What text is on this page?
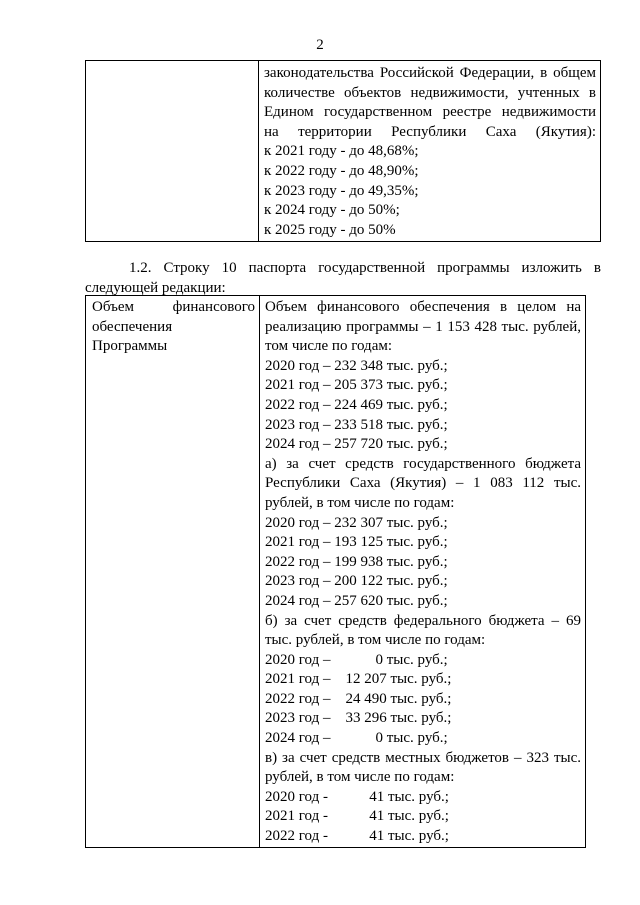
2

законодательства Российской Федерации, в общем
количестве объектов недвижимости, учтенных в
Едином государственном реестре недвижимости
на территории Республики Саха (Якутия):
к 2021 году - до 48,68%;
к 2022 году - до 48,90%;
к 2023 году - до 49,35%;
к 2024 году - до 50%;
к 2025 году - до 50%
1.2. Строку 10 паспорта государственной программы изложить в
следующей редакции:
Объем финансового
обеспечения
Программы

Объем финансового обеспечения в целом на
реализацию программы – 1 153 428 тыс. рублей,
том числе по годам:
2020 год – 232 348 тыс. руб.;
2021 год – 205 373 тыс. руб.;
2022 год – 224 469 тыс. руб.;
2023 год – 233 518 тыс. руб.;
2024 год – 257 720 тыс. руб.;
а) за счет средств государственного бюджета
Республики Саха (Якутия) – 1 083 112 тыс.
рублей, в том числе по годам:
2020 год – 232 307 тыс. руб.;
2021 год – 193 125 тыс. руб.;
2022 год – 199 938 тыс. руб.;
2023 год – 200 122 тыс. руб.;
2024 год – 257 620 тыс. руб.;
б) за счет средств федерального бюджета – 69
тыс. рублей, в том числе по годам:
2020 год –            0 тыс. руб.;
2021 год –    12 207 тыс. руб.;
2022 год –    24 490 тыс. руб.;
2023 год –    33 296 тыс. руб.;
2024 год –            0 тыс. руб.;
в) за счет средств местных бюджетов – 323 тыс.
рублей, в том числе по годам:
2020 год -           41 тыс. руб.;
2021 год -           41 тыс. руб.;
2022 год -           41 тыс. руб.;
